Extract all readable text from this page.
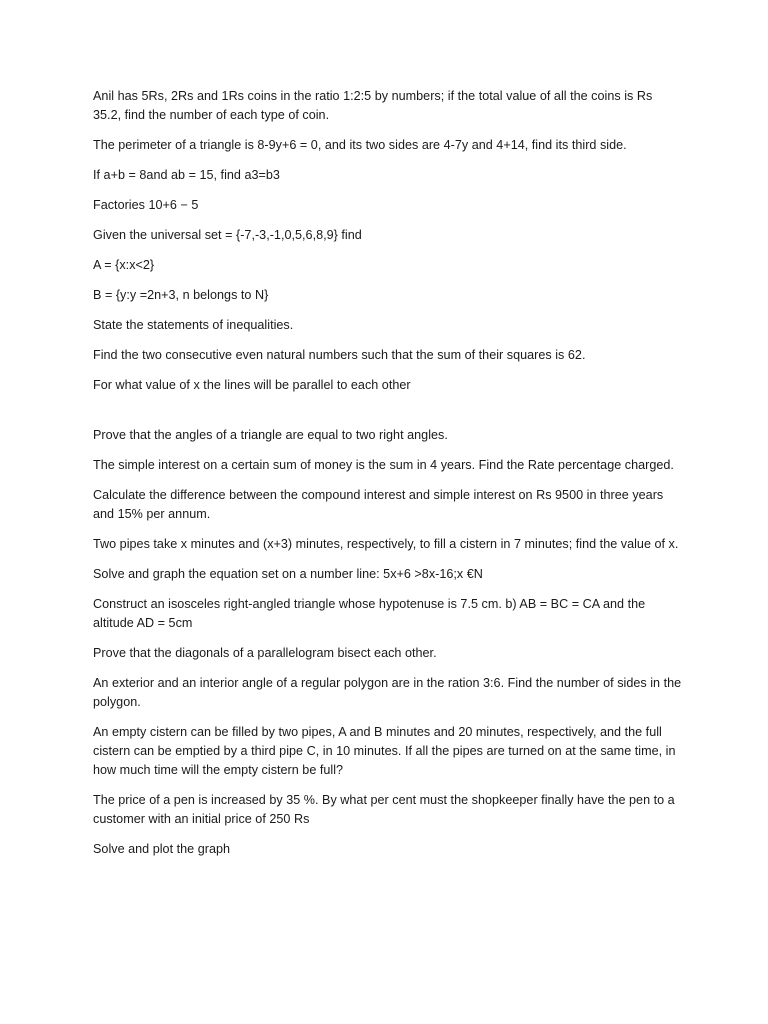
Anil has 5Rs, 2Rs and 1Rs coins in the ratio 1:2:5 by numbers; if the total value of all the coins is Rs 35.2, find the number of each type of coin.

The perimeter of a triangle is 8-9y+6 = 0, and its two sides are 4-7y and 4+14, find its third side.

If a+b = 8and ab = 15, find a3=b3

Factories 10+6 − 5

Given the universal set = {-7,-3,-1,0,5,6,8,9} find

A = {x:x<2}

B = {y:y =2n+3, n belongs to N}

State the statements of inequalities.

Find the two consecutive even natural numbers such that the sum of their squares is 62.

For what value of x the lines will be parallel to each other

Prove that the angles of a triangle are equal to two right angles.

The simple interest on a certain sum of money is the sum in 4 years. Find the Rate percentage charged.

Calculate the difference between the compound interest and simple interest on Rs 9500 in three years and 15% per annum.

Two pipes take x minutes and (x+3) minutes, respectively, to fill a cistern in 7 minutes; find the value of x.

Solve and graph the equation set on a number line: 5x+6 >8x-16;x €N

Construct an isosceles right-angled triangle whose hypotenuse is 7.5 cm. b) AB = BC = CA and the altitude AD = 5cm

Prove that the diagonals of a parallelogram bisect each other.

An exterior and an interior angle of a regular polygon are in the ration 3:6. Find the number of sides in the polygon.

An empty cistern can be filled by two pipes, A and B minutes and 20 minutes, respectively, and the full cistern can be emptied by a third pipe C, in 10 minutes. If all the pipes are turned on at the same time, in how much time will the empty cistern be full?

The price of a pen is increased by 35 %. By what per cent must the shopkeeper finally have the pen to a customer with an initial price of 250 Rs

Solve and plot the graph
